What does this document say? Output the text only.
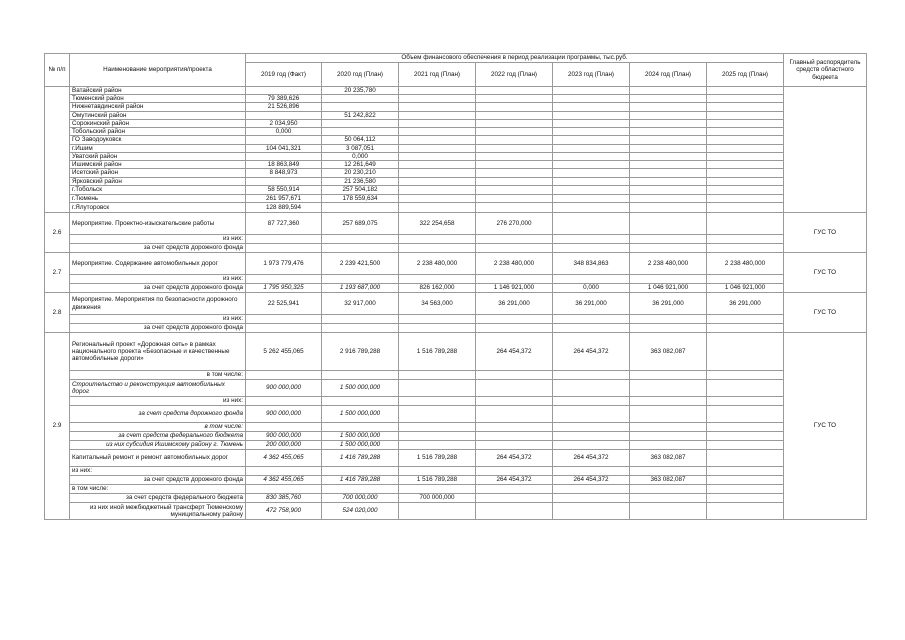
№ п/п	Наименование мероприятия/проекта	Объем финансового обеспечения в период реализации программы, тыс.руб.							Главный распорядитель средств областного бюджета
		2019 год (Факт)	2020 год (План)	2021 год (План)	2022 год (План)	2023 год (План)	2024 год (План)	2025 год (План)	
	Ватайский район		20 235,780						
	Тюменский район	79 389,626							
	Нижнетавдинский район	21 526,896							
	Омутинский район		51 242,822						
	Сорокинский район	2 034,950							
	Тобольский район	0,000							
	ГО Заводоуковск		50 064,112						
	г.Ишим	104 041,321	3 087,051						
	Уватский район		0,000						
	Ишимский район	18 863,849	12 261,649						
	Исетский район	8 848,973	20 230,210						
	Ярковский район		21 236,580						
	г.Тобольск	58 550,914	257 504,182						
	г.Тюмень	261 957,671	178 559,634						
	г.Ялуторовск	128 889,594							
2.6	Мероприятие. Проектно-изыскательские работы	87 727,360	257 689,075	322 254,658	276 270,000				ГУС ТО
	из них:								
	за счет средств дорожного фонда								
2.7	Мероприятие. Содержание автомобильных дорог	1 973 779,476	2 239 421,500	2 238 480,000	2 238 480,000	348 834,863	2 238 480,000	2 238 480,000	ГУС ТО
	из них:								
	за счет средств дорожного фонда	1 795 950,325	1 193 687,000	826 162,000	1 146 921,000	0,000	1 046 921,000	1 046 921,000	
2.8	Мероприятие. Мероприятия по безопасности дорожного движения	22 525,941	32 917,000	34 563,000	36 291,000	36 291,000	36 291,000	36 291,000	ГУС ТО
	из них:								
	за счет средств дорожного фонда								
2.9	Региональный проект «Дорожная сеть» в рамках национального проекта «Безопасные и качественные автомобильные дороги»	5 262 455,065	2 916 789,288	1 516 789,288	264 454,372	264 454,372	363 082,087		ГУС ТО
	в том числе:								
	Строительство и реконструкция автомобильных дорог	900 000,000	1 500 000,000						
	из них:								
	за счет средств дорожного фонда	900 000,000	1 500 000,000						
	в том числе:								
	за счет средств федерального бюджета	900 000,000	1 500 000,000						
	из них субсидия Ишимскому району г. Тюмень	200 000,000	1 500 000,000						
	Капитальный ремонт и ремонт автомобильных дорог	4 362 455,065	1 416 789,288	1 516 789,288	264 454,372	264 454,372	363 082,087		
	из них:								
	за счет средств дорожного фонда	4 362 455,065	1 416 789,288	1 516 789,288	264 454,372	264 454,372	363 082,087		
	в том числе:								
	за счет средств федерального бюджета	830 385,760	700 000,000	700 000,000					
	из них иной межбюджетный трансферт Тюменскому муниципальному району	472 758,900	524 020,000						
